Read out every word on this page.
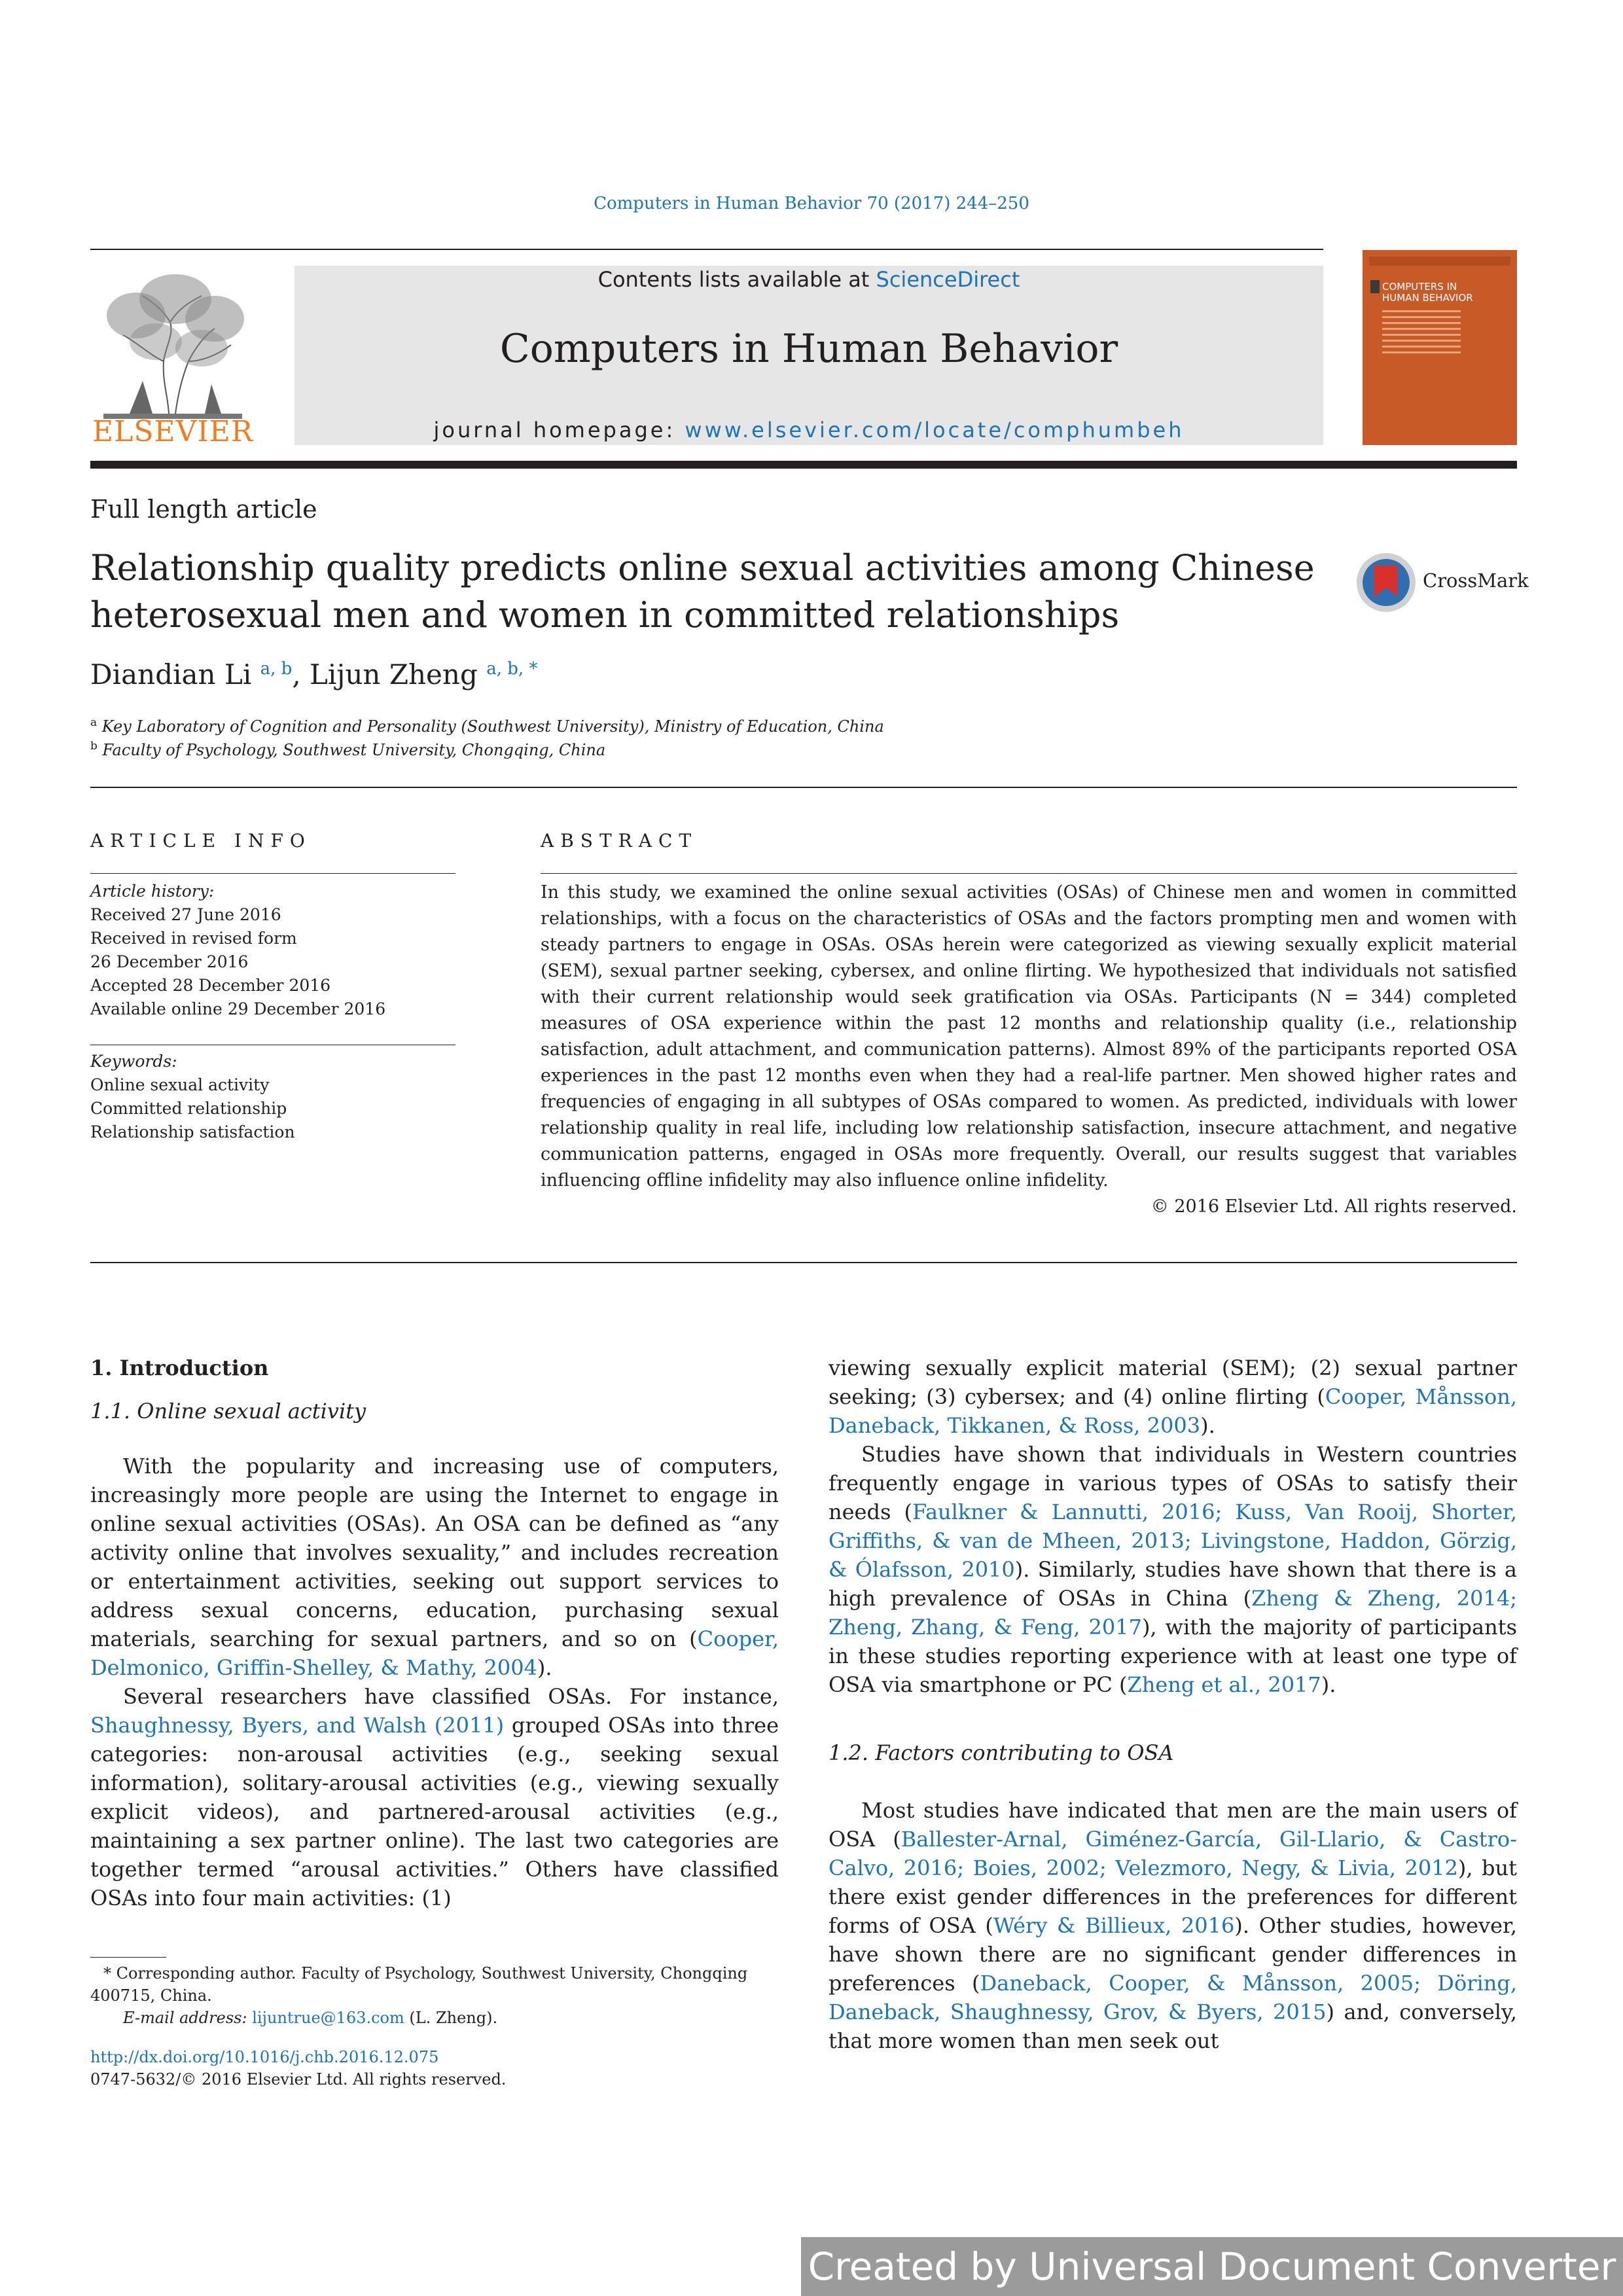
Computers in Human Behavior 70 (2017) 244–250
ELSEVIER
Contents lists available at ScienceDirect
Computers in Human Behavior
journal homepage: www.elsevier.com/locate/comphumbeh
COMPUTERS IN
HUMAN BEHAVIOR
Full length article
Relationship quality predicts online sexual activities among Chinese
heterosexual men and women in committed relationships
CrossMark
Diandian Li $^{a, b}$, Lijun Zheng $^{a, b, *}$
$^a$ Key Laboratory of Cognition and Personality (Southwest University), Ministry of Education, China
$^b$ Faculty of Psychology, Southwest University, Chongqing, China
ARTICLE INFO
Article history:
Received 27 June 2016
Received in revised form
26 December 2016
Accepted 28 December 2016
Available online 29 December 2016
Keywords:
Online sexual activity
Committed relationship
Relationship satisfaction
ABSTRACT

In this study, we examined the online sexual activities (OSAs) of Chinese men and women in committed relationships, with a focus on the characteristics of OSAs and the factors prompting men and women with steady partners to engage in OSAs. OSAs herein were categorized as viewing sexually explicit material (SEM), sexual partner seeking, cybersex, and online flirting. We hypothesized that individuals not satisfied with their current relationship would seek gratification via OSAs. Participants (N = 344) completed measures of OSA experience within the past 12 months and relationship quality (i.e., relationship satisfaction, adult attachment, and communication patterns). Almost 89% of the participants reported OSA experiences in the past 12 months even when they had a real-life partner. Men showed higher rates and frequencies of engaging in all subtypes of OSAs compared to women. As predicted, individuals with lower relationship quality in real life, including low relationship satisfaction, insecure attachment, and negative communication patterns, engaged in OSAs more frequently. Overall, our results suggest that variables influencing offline infidelity may also influence online infidelity.

© 2016 Elsevier Ltd. All rights reserved.

1. Introduction
1.1. Online sexual activity

With the popularity and increasing use of computers, increasingly more people are using the Internet to engage in online sexual activities (OSAs). An OSA can be defined as “any activity online that involves sexuality,” and includes recreation or entertainment activities, seeking out support services to address sexual concerns, education, purchasing sexual materials, searching for sexual partners, and so on (Cooper, Delmonico, Griffin-Shelley, & Mathy, 2004).

Several researchers have classified OSAs. For instance, Shaughnessy, Byers, and Walsh (2011) grouped OSAs into three categories: non-arousal activities (e.g., seeking sexual information), solitary-arousal activities (e.g., viewing sexually explicit videos), and partnered-arousal activities (e.g., maintaining a sex partner online). The last two categories are together termed “arousal activities.” Others have classified OSAs into four main activities: (1)

* Corresponding author. Faculty of Psychology, Southwest University, Chongqing 400715, China.
E-mail address: lijuntrue@163.com (L. Zheng).
http://dx.doi.org/10.1016/j.chb.2016.12.075
0747-5632/© 2016 Elsevier Ltd. All rights reserved.

viewing sexually explicit material (SEM); (2) sexual partner seeking; (3) cybersex; and (4) online flirting (Cooper, Månsson, Daneback, Tikkanen, & Ross, 2003).

Studies have shown that individuals in Western countries frequently engage in various types of OSAs to satisfy their needs (Faulkner & Lannutti, 2016; Kuss, Van Rooij, Shorter, Griffiths, & van de Mheen, 2013; Livingstone, Haddon, Görzig, & Ólafsson, 2010). Similarly, studies have shown that there is a high prevalence of OSAs in China (Zheng & Zheng, 2014; Zheng, Zhang, & Feng, 2017), with the majority of participants in these studies reporting experience with at least one type of OSA via smartphone or PC (Zheng et al., 2017).

1.2. Factors contributing to OSA

Most studies have indicated that men are the main users of OSA (Ballester-Arnal, Giménez-García, Gil-Llario, & Castro-Calvo, 2016; Boies, 2002; Velezmoro, Negy, & Livia, 2012), but there exist gender differences in the preferences for different forms of OSA (Wéry & Billieux, 2016). Other studies, however, have shown there are no significant gender differences in preferences (Daneback, Cooper, & Månsson, 2005; Döring, Daneback, Shaughnessy, Grov, & Byers, 2015) and, conversely, that more women than men seek out

Created by Universal Document Converter
